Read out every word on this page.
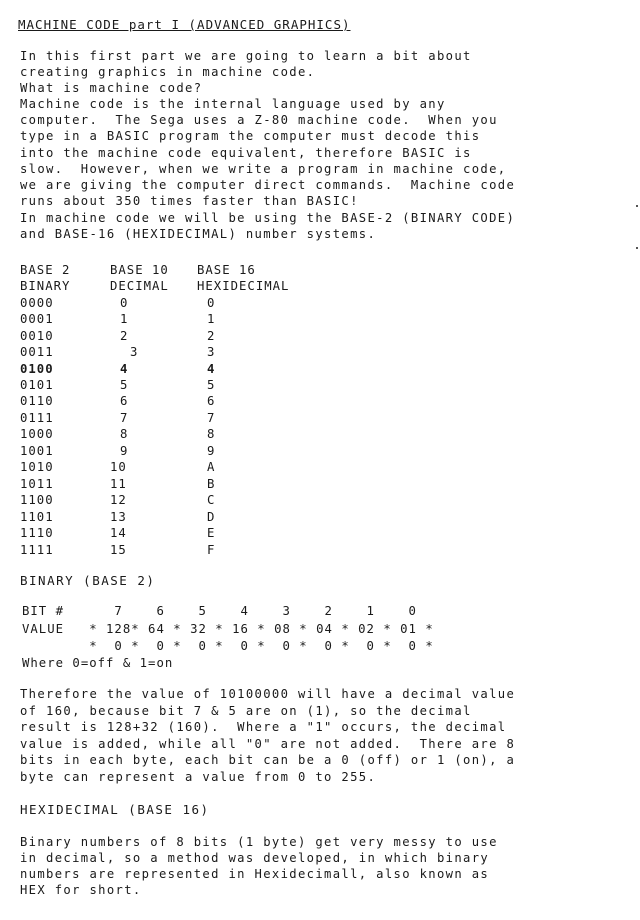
MACHINE CODE part I (ADVANCED GRAPHICS)
In this first part we are going to learn a bit about
creating graphics in machine code.
What is machine code?
Machine code is the internal language used by any
computer.  The Sega uses a Z-80 machine code.  When you
type in a BASIC program the computer must decode this
into the machine code equivalent, therefore BASIC is
slow.  However, when we write a program in machine code,
we are giving the computer direct commands.  Machine code
runs about 350 times faster than BASIC!
In machine code we will be using the BASE-2 (BINARY CODE)
and BASE-16 (HEXIDECIMAL) number systems.
BASE 2	BASE 10 BASE 16
BINARY	DECIMAL HEXIDECIMAL
0000	0	0
0001	1	1
0010	2	2
0011	3	3
0100	4	4
0101	5	5
0110	6	6
0111	7	7
1000	8	8
1001	9	9
1010	10	A
1011	11	B
1100	12	C
1101	13	D
1110	14	E
1111	15	F
BINARY (BASE 2)
BIT #      7    6    5    4    3    2    1    0
VALUE   * 128* 64 * 32 * 16 * 08 * 04 * 02 * 01 *
*  0 *  0 *  0 *  0 *  0 *  0 *  0 *  0 *
Where 0=off & 1=on
Therefore the value of 10100000 will have a decimal value
of 160, because bit 7 & 5 are on (1), so the decimal
result is 128+32 (160).  Where a "1" occurs, the decimal
value is added, while all "0" are not added.  There are 8
bits in each byte, each bit can be a 0 (off) or 1 (on), a
byte can represent a value from 0 to 255.
HEXIDECIMAL (BASE 16)
Binary numbers of 8 bits (1 byte) get very messy to use
in decimal, so a method was developed, in which binary
numbers are represented in Hexidecimall, also known as
HEX for short.
